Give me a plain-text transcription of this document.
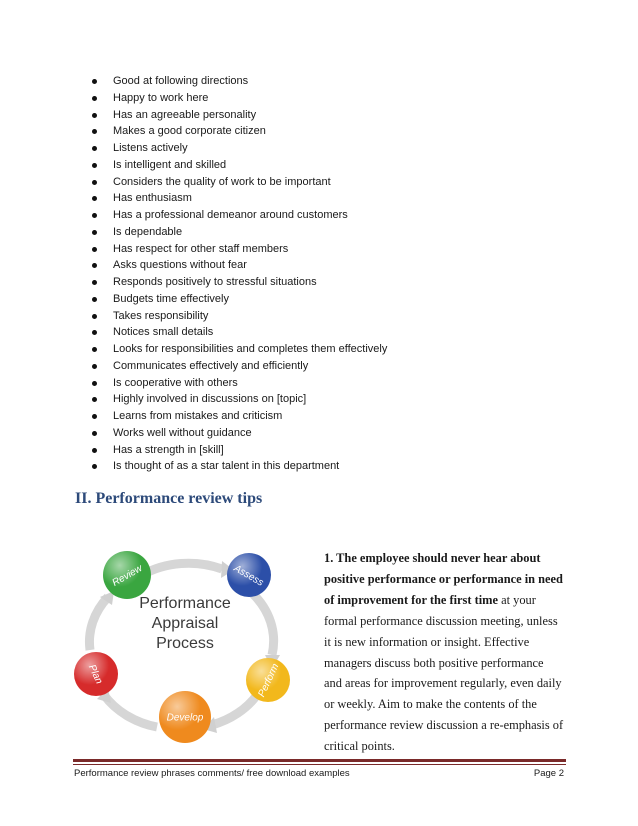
Good at following directions
Happy to work here
Has an agreeable personality
Makes a good corporate citizen
Listens actively
Is intelligent and skilled
Considers the quality of work to be important
Has enthusiasm
Has a professional demeanor around customers
Is dependable
Has respect for other staff members
Asks questions without fear
Responds positively to stressful situations
Budgets time effectively
Takes responsibility
Notices small details
Looks for responsibilities and completes them effectively
Communicates effectively and efficiently
Is cooperative with others
Highly involved in discussions on [topic]
Learns from mistakes and criticism
Works well without guidance
Has a strength in [skill]
Is thought of as a star talent in this department
II. Performance review tips
Performance
Appraisal
Process
Review	Assess
Perform
Develop
Plan

1. The employee should never hear about positive performance or performance in need of improvement for the first time at your formal performance discussion meeting, unless it is new information or insight. Effective managers discuss both positive performance and areas for improvement regularly, even daily or weekly. Aim to make the contents of the performance review discussion a re-emphasis of critical points.

Performance review phrases comments/ free download examples	Page 2
